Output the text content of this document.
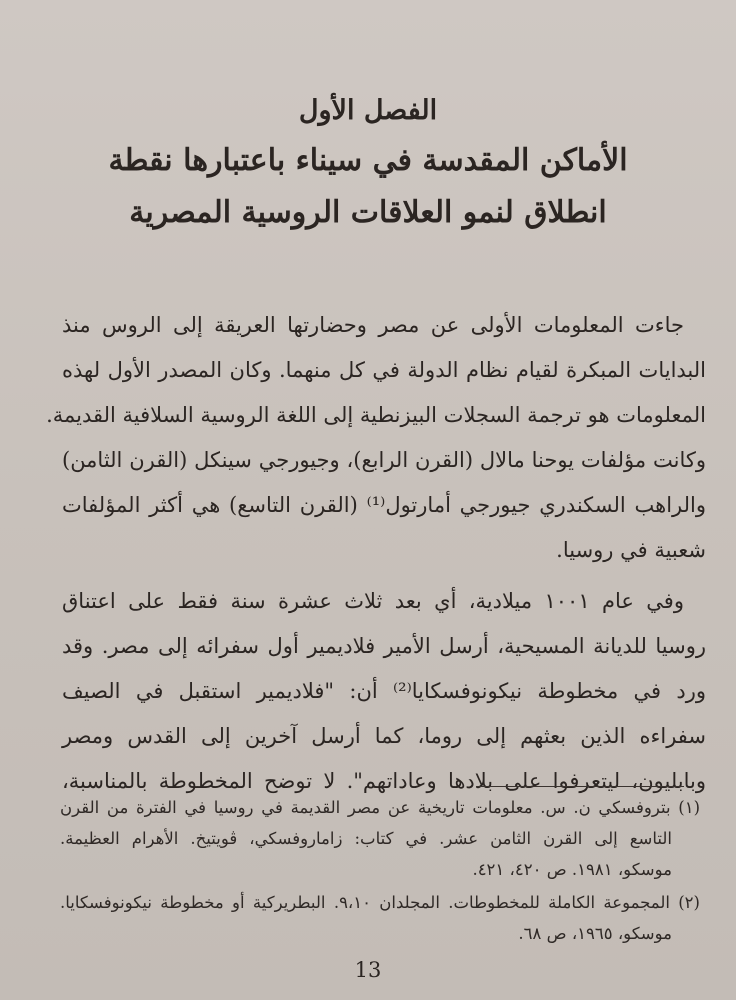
الفصل الأول
الأماكن المقدسة في سيناء باعتبارها نقطة
انطلاق لنمو العلاقات الروسية المصرية
جاءت المعلومات الأولى عن مصر وحضارتها العريقة إلى الروس منذ
البدايات المبكرة لقيام نظام الدولة في كل منهما. وكان المصدر الأول لهذه
المعلومات هو ترجمة السجلات البيزنطية إلى اللغة الروسية السلافية القديمة.
وكانت مؤلفات يوحنا مالال (القرن الرابع)، وجيورجي سينكل (القرن الثامن)
والراهب السكندري جيورجي أمارتول⁽¹⁾ (القرن التاسع) هي أكثر المؤلفات
شعبية في روسيا.
وفي عام ١٠٠١ ميلادية، أي بعد ثلاث عشرة سنة فقط على اعتناق
روسيا للديانة المسيحية، أرسل الأمير فلاديمير أول سفرائه إلى مصر. وقد
ورد في مخطوطة نيكونوفسكايا⁽²⁾ أن: "فلاديمير استقبل في الصيف
سفراءه الذين بعثهم إلى روما، كما أرسل آخرين إلى القدس ومصر
وبابليون، ليتعرفوا على بلادها وعاداتهم". لا توضح المخطوطة بالمناسبة،
(١) بتروفسكي ن. س. معلومات تاريخية عن مصر القديمة في روسيا في الفترة من القرن
التاسع إلى القرن الثامن عشر. في كتاب: زاماروفسكي، ڤويتيخ. الأهرام العظيمة.
موسكو، ١٩٨١. ص ٤٢٠، ٤٢١.
(٢) المجموعة الكاملة للمخطوطات. المجلدان ٩،١٠. البطريركية أو مخطوطة نيكونوفسكايا.
موسكو، ١٩٦٥، ص ٦٨.
13
